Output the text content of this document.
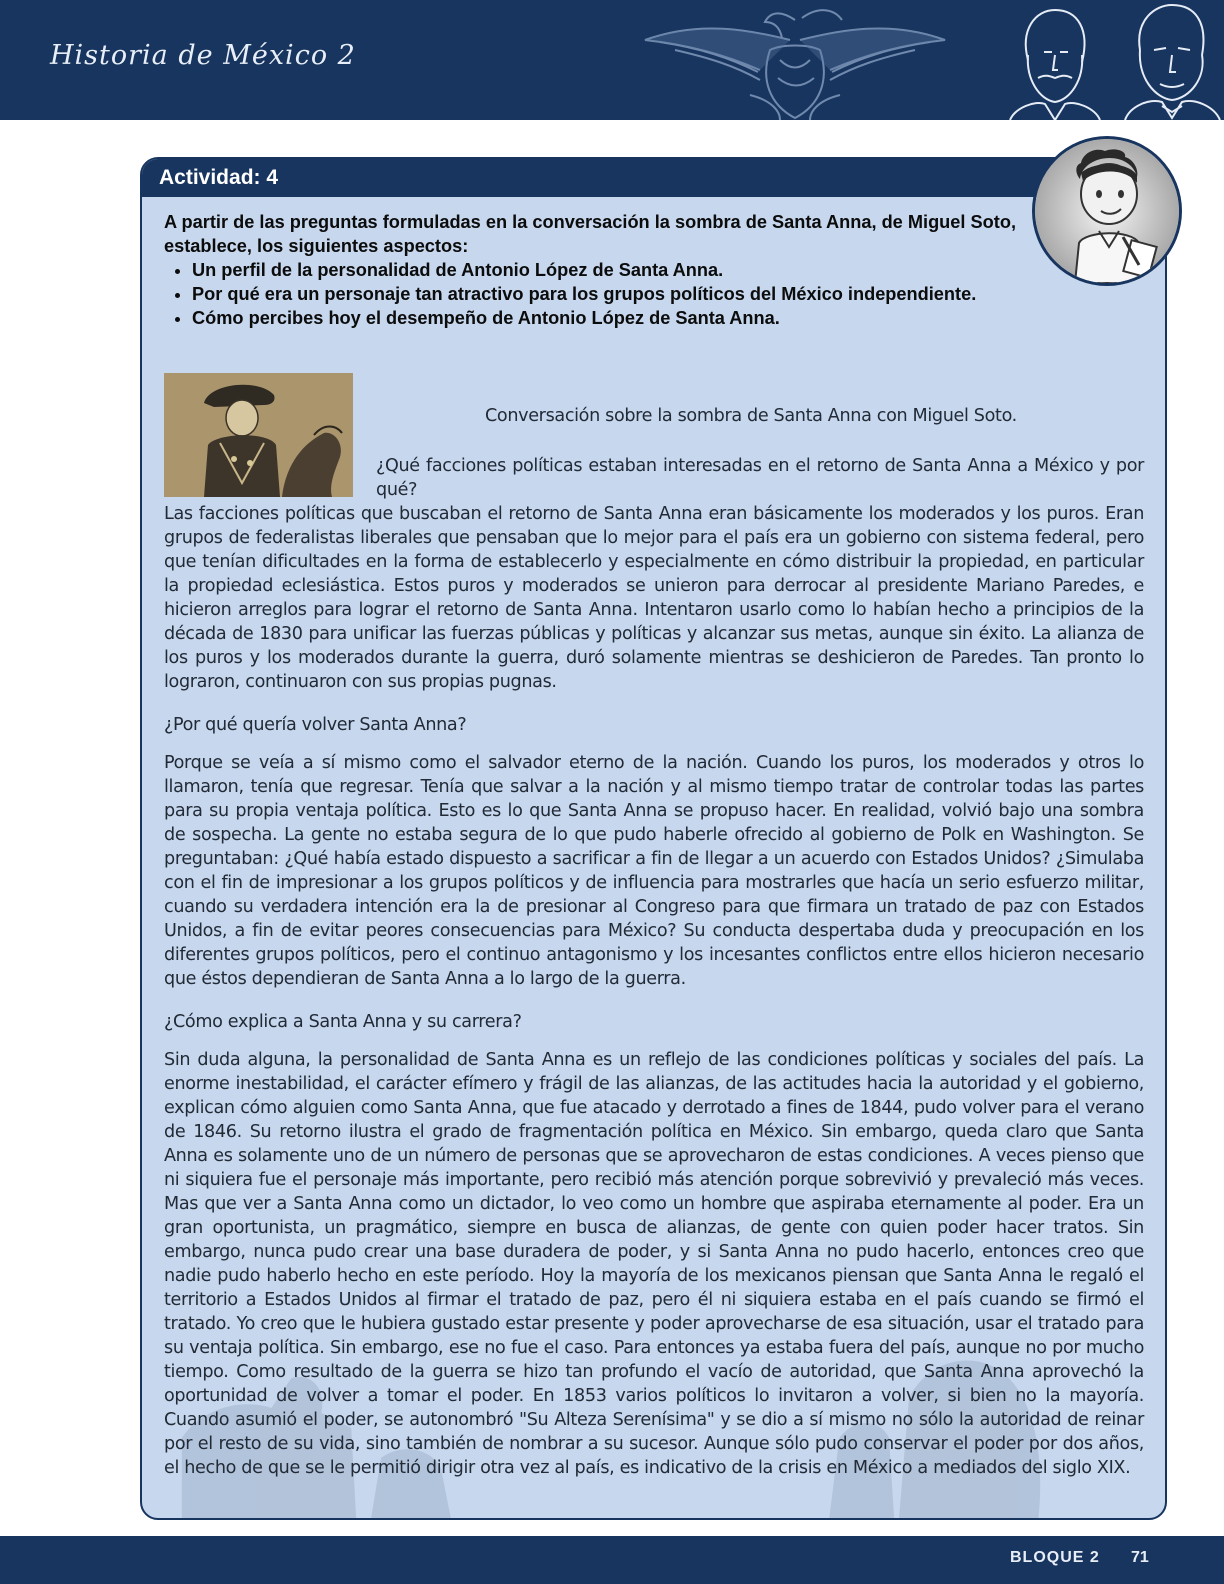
Historia de México 2
Actividad: 4

A partir de las preguntas formuladas en la conversación la sombra de Santa Anna, de Miguel Soto, establece, los siguientes aspectos:

• Un perfil de la personalidad de Antonio López de Santa Anna.
• Por qué era un personaje tan atractivo para los grupos políticos del México independiente.
• Cómo percibes hoy el desempeño de Antonio López de Santa Anna.
Conversación sobre la sombra de Santa Anna con Miguel Soto.
¿Qué facciones políticas estaban interesadas en el retorno de Santa Anna a México y por qué?
Las facciones políticas que buscaban el retorno de Santa Anna eran básicamente los moderados y los puros. Eran grupos de federalistas liberales que pensaban que lo mejor para el país era un gobierno con sistema federal, pero que tenían dificultades en la forma de establecerlo y especialmente en cómo distribuir la propiedad, en particular la propiedad eclesiástica. Estos puros y moderados se unieron para derrocar al presidente Mariano Paredes, e hicieron arreglos para lograr el retorno de Santa Anna. Intentaron usarlo como lo habían hecho a principios de la década de 1830 para unificar las fuerzas públicas y políticas y alcanzar sus metas, aunque sin éxito. La alianza de los puros y los moderados durante la guerra, duró solamente mientras se deshicieron de Paredes. Tan pronto lo lograron, continuaron con sus propias pugnas.
¿Por qué quería volver Santa Anna?
Porque se veía a sí mismo como el salvador eterno de la nación. Cuando los puros, los moderados y otros lo llamaron, tenía que regresar. Tenía que salvar a la nación y al mismo tiempo tratar de controlar todas las partes para su propia ventaja política. Esto es lo que Santa Anna se propuso hacer. En realidad, volvió bajo una sombra de sospecha. La gente no estaba segura de lo que pudo haberle ofrecido al gobierno de Polk en Washington. Se preguntaban: ¿Qué había estado dispuesto a sacrificar a fin de llegar a un acuerdo con Estados Unidos? ¿Simulaba con el fin de impresionar a los grupos políticos y de influencia para mostrarles que hacía un serio esfuerzo militar, cuando su verdadera intención era la de presionar al Congreso para que firmara un tratado de paz con Estados Unidos, a fin de evitar peores consecuencias para México? Su conducta despertaba duda y preocupación en los diferentes grupos políticos, pero el continuo antagonismo y los incesantes conflictos entre ellos hicieron necesario que éstos dependieran de Santa Anna a lo largo de la guerra.
¿Cómo explica a Santa Anna y su carrera?
Sin duda alguna, la personalidad de Santa Anna es un reflejo de las condiciones políticas y sociales del país. La enorme inestabilidad, el carácter efímero y frágil de las alianzas, de las actitudes hacia la autoridad y el gobierno, explican cómo alguien como Santa Anna, que fue atacado y derrotado a fines de 1844, pudo volver para el verano de 1846. Su retorno ilustra el grado de fragmentación política en México. Sin embargo, queda claro que Santa Anna es solamente uno de un número de personas que se aprovecharon de estas condiciones. A veces pienso que ni siquiera fue el personaje más importante, pero recibió más atención porque sobrevivió y prevaleció más veces. Mas que ver a Santa Anna como un dictador, lo veo como un hombre que aspiraba eternamente al poder. Era un gran oportunista, un pragmático, siempre en busca de alianzas, de gente con quien poder hacer tratos. Sin embargo, nunca pudo crear una base duradera de poder, y si Santa Anna no pudo hacerlo, entonces creo que nadie pudo haberlo hecho en este período. Hoy la mayoría de los mexicanos piensan que Santa Anna le regaló el territorio a Estados Unidos al firmar el tratado de paz, pero él ni siquiera estaba en el país cuando se firmó el tratado. Yo creo que le hubiera gustado estar presente y poder aprovecharse de esa situación, usar el tratado para su ventaja política. Sin embargo, ese no fue el caso. Para entonces ya estaba fuera del país, aunque no por mucho tiempo. Como resultado de la guerra se hizo tan profundo el vacío de autoridad, que Santa Anna aprovechó la oportunidad de volver a tomar el poder. En 1853 varios políticos lo invitaron a volver, si bien no la mayoría. Cuando asumió el poder, se autonombró "Su Alteza Serenísima" y se dio a sí mismo no sólo la autoridad de reinar por el resto de su vida, sino también de nombrar a su sucesor. Aunque sólo pudo conservar el poder por dos años, el hecho de que se le permitió dirigir otra vez al país, es indicativo de la crisis en México a mediados del siglo XIX.
BLOQUE 2 71
